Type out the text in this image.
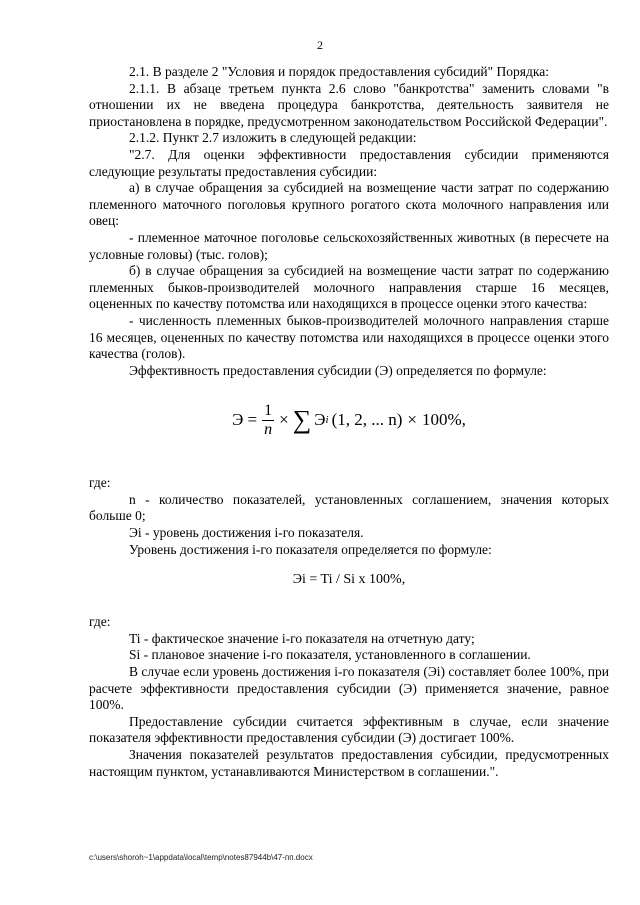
2

2.1. В разделе 2 "Условия и порядок предоставления субсидий" Порядка:

2.1.1. В абзаце третьем пункта 2.6 слово "банкротства" заменить словами "в отношении их не введена процедура банкротства, деятельность заявителя не приостановлена в порядке, предусмотренном законодательством Российской Федерации".

2.1.2. Пункт 2.7 изложить в следующей редакции:

"2.7. Для оценки эффективности предоставления субсидии применяются следующие результаты предоставления субсидии:

а) в случае обращения за субсидией на возмещение части затрат по содержанию племенного маточного поголовья крупного рогатого скота молочного направления или овец:

- племенное маточное поголовье сельскохозяйственных животных (в пересчете на условные головы) (тыс. голов);

б) в случае обращения за субсидией на возмещение части затрат по содержанию племенных быков-производителей молочного направления старше 16 месяцев, оцененных по качеству потомства или находящихся в процессе оценки этого качества:

- численность племенных быков-производителей молочного направления старше 16 месяцев, оцененных по качеству потомства или находящихся в процессе оценки этого качества (голов).

Эффективность предоставления субсидии (Э) определяется по формуле:

$Э = \frac{1}{n}$ × ∑ Э i (1, 2, ... n) × 100%,

где:

n - количество показателей, установленных соглашением, значения которых больше 0;

Эi - уровень достижения i-го показателя.

Уровень достижения i-го показателя определяется по формуле:

Эi = Ti / Si x 100%,

где:

Ti - фактическое значение i-го показателя на отчетную дату;

Si - плановое значение i-го показателя, установленного в соглашении.

В случае если уровень достижения i-го показателя (Эi) составляет более 100%, при расчете эффективности предоставления субсидии (Э) применяется значение, равное 100%.

Предоставление субсидии считается эффективным в случае, если значение показателя эффективности предоставления субсидии (Э) достигает 100%.

Значения показателей результатов предоставления субсидии, предусмотренных настоящим пунктом, устанавливаются Министерством в соглашении.".

c:\users\shoroh~1\appdata\local\temp\notes87944b\47-пп.docx
